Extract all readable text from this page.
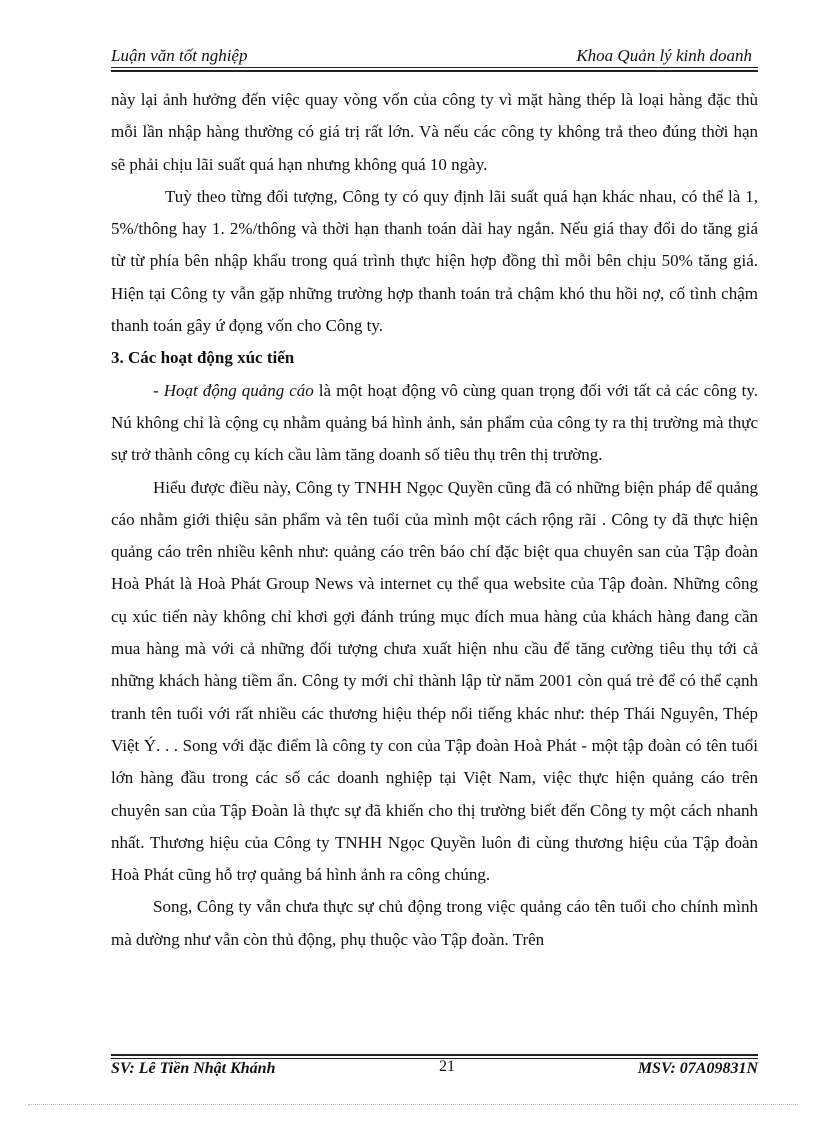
Luận văn tốt nghiệp	Khoa Quản lý kinh doanh

này lại ảnh hưởng đến việc quay vòng vốn của công ty vì mặt hàng thép là loại hàng đặc thù mỗi lần nhập hàng thường có giá trị rất lớn. Và nếu các công ty không trả theo đúng thời hạn sẽ phải chịu lãi suất quá hạn nhưng không quá 10 ngày.

Tuỳ theo từng đối tượng, Công ty có quy định lãi suất quá hạn khác nhau, có thể là 1, 5%/thông hay 1. 2%/thông và thời hạn thanh toán dài hay ngắn. Nếu giá thay đổi do tăng giá từ từ phía bên nhập khẩu trong quá trình thực hiện hợp đồng thì mỗi bên chịu 50% tăng giá. Hiện tại Công ty vẫn gặp những trường hợp thanh toán trả chậm khó thu hồi nợ, cố tình chậm thanh toán gây ứ đọng vốn cho Công ty.

3. Các hoạt động xúc tiến

- Hoạt động quảng cáo là một hoạt động vô cùng quan trọng đối với tất cả các công ty. Nú không chỉ là cộng cụ nhằm quảng bá hình ảnh, sản phẩm của công ty ra thị trường mà thực sự trở thành công cụ kích cầu làm tăng doanh số tiêu thụ trên thị trường.

Hiểu được điều này, Công ty TNHH Ngọc Quyền cũng đã có những biện pháp để quảng cáo nhằm giới thiệu sản phẩm và tên tuổi của mình một cách rộng rãi . Công ty đã thực hiện quảng cáo trên nhiều kênh như: quảng cáo trên báo chí đặc biệt qua chuyên san của Tập đoàn Hoà Phát là Hoà Phát Group News và internet cụ thể qua website của Tập đoàn. Những công cụ xúc tiến này không chỉ khơi gợi đánh trúng mục đích mua hàng của khách hàng đang cần mua hàng mà với cả những đối tượng chưa xuất hiện nhu cầu để tăng cường tiêu thụ tới cả những khách hàng tiềm ẩn. Công ty mới chỉ thành lập từ năm 2001 còn quá trẻ để có thể cạnh tranh tên tuổi với rất nhiều các thương hiệu thép nổi tiếng khác như: thép Thái Nguyên, Thép Việt Ý. . . Song với đặc điểm là công ty con của Tập đoàn Hoà Phát - một tập đoàn có tên tuổi lớn hàng đầu trong các số các doanh nghiệp tại Việt Nam, việc thực hiện quảng cáo trên chuyên san của Tập Đoàn là thực sự đã khiến cho thị trường biết đến Công ty một cách nhanh nhất. Thương hiệu của Công ty TNHH Ngọc Quyền luôn đi cùng thương hiệu của Tập đoàn Hoà Phát cũng hỗ trợ quảng bá hình ảnh ra công chúng.

Song, Công ty vẫn chưa thực sự chủ động trong việc quảng cáo tên tuổi cho chính mình mà dường như vẫn còn thủ động, phụ thuộc vào Tập đoàn. Trên

SV: Lê Tiền Nhật Khánh	21	MSV: 07A09831N
